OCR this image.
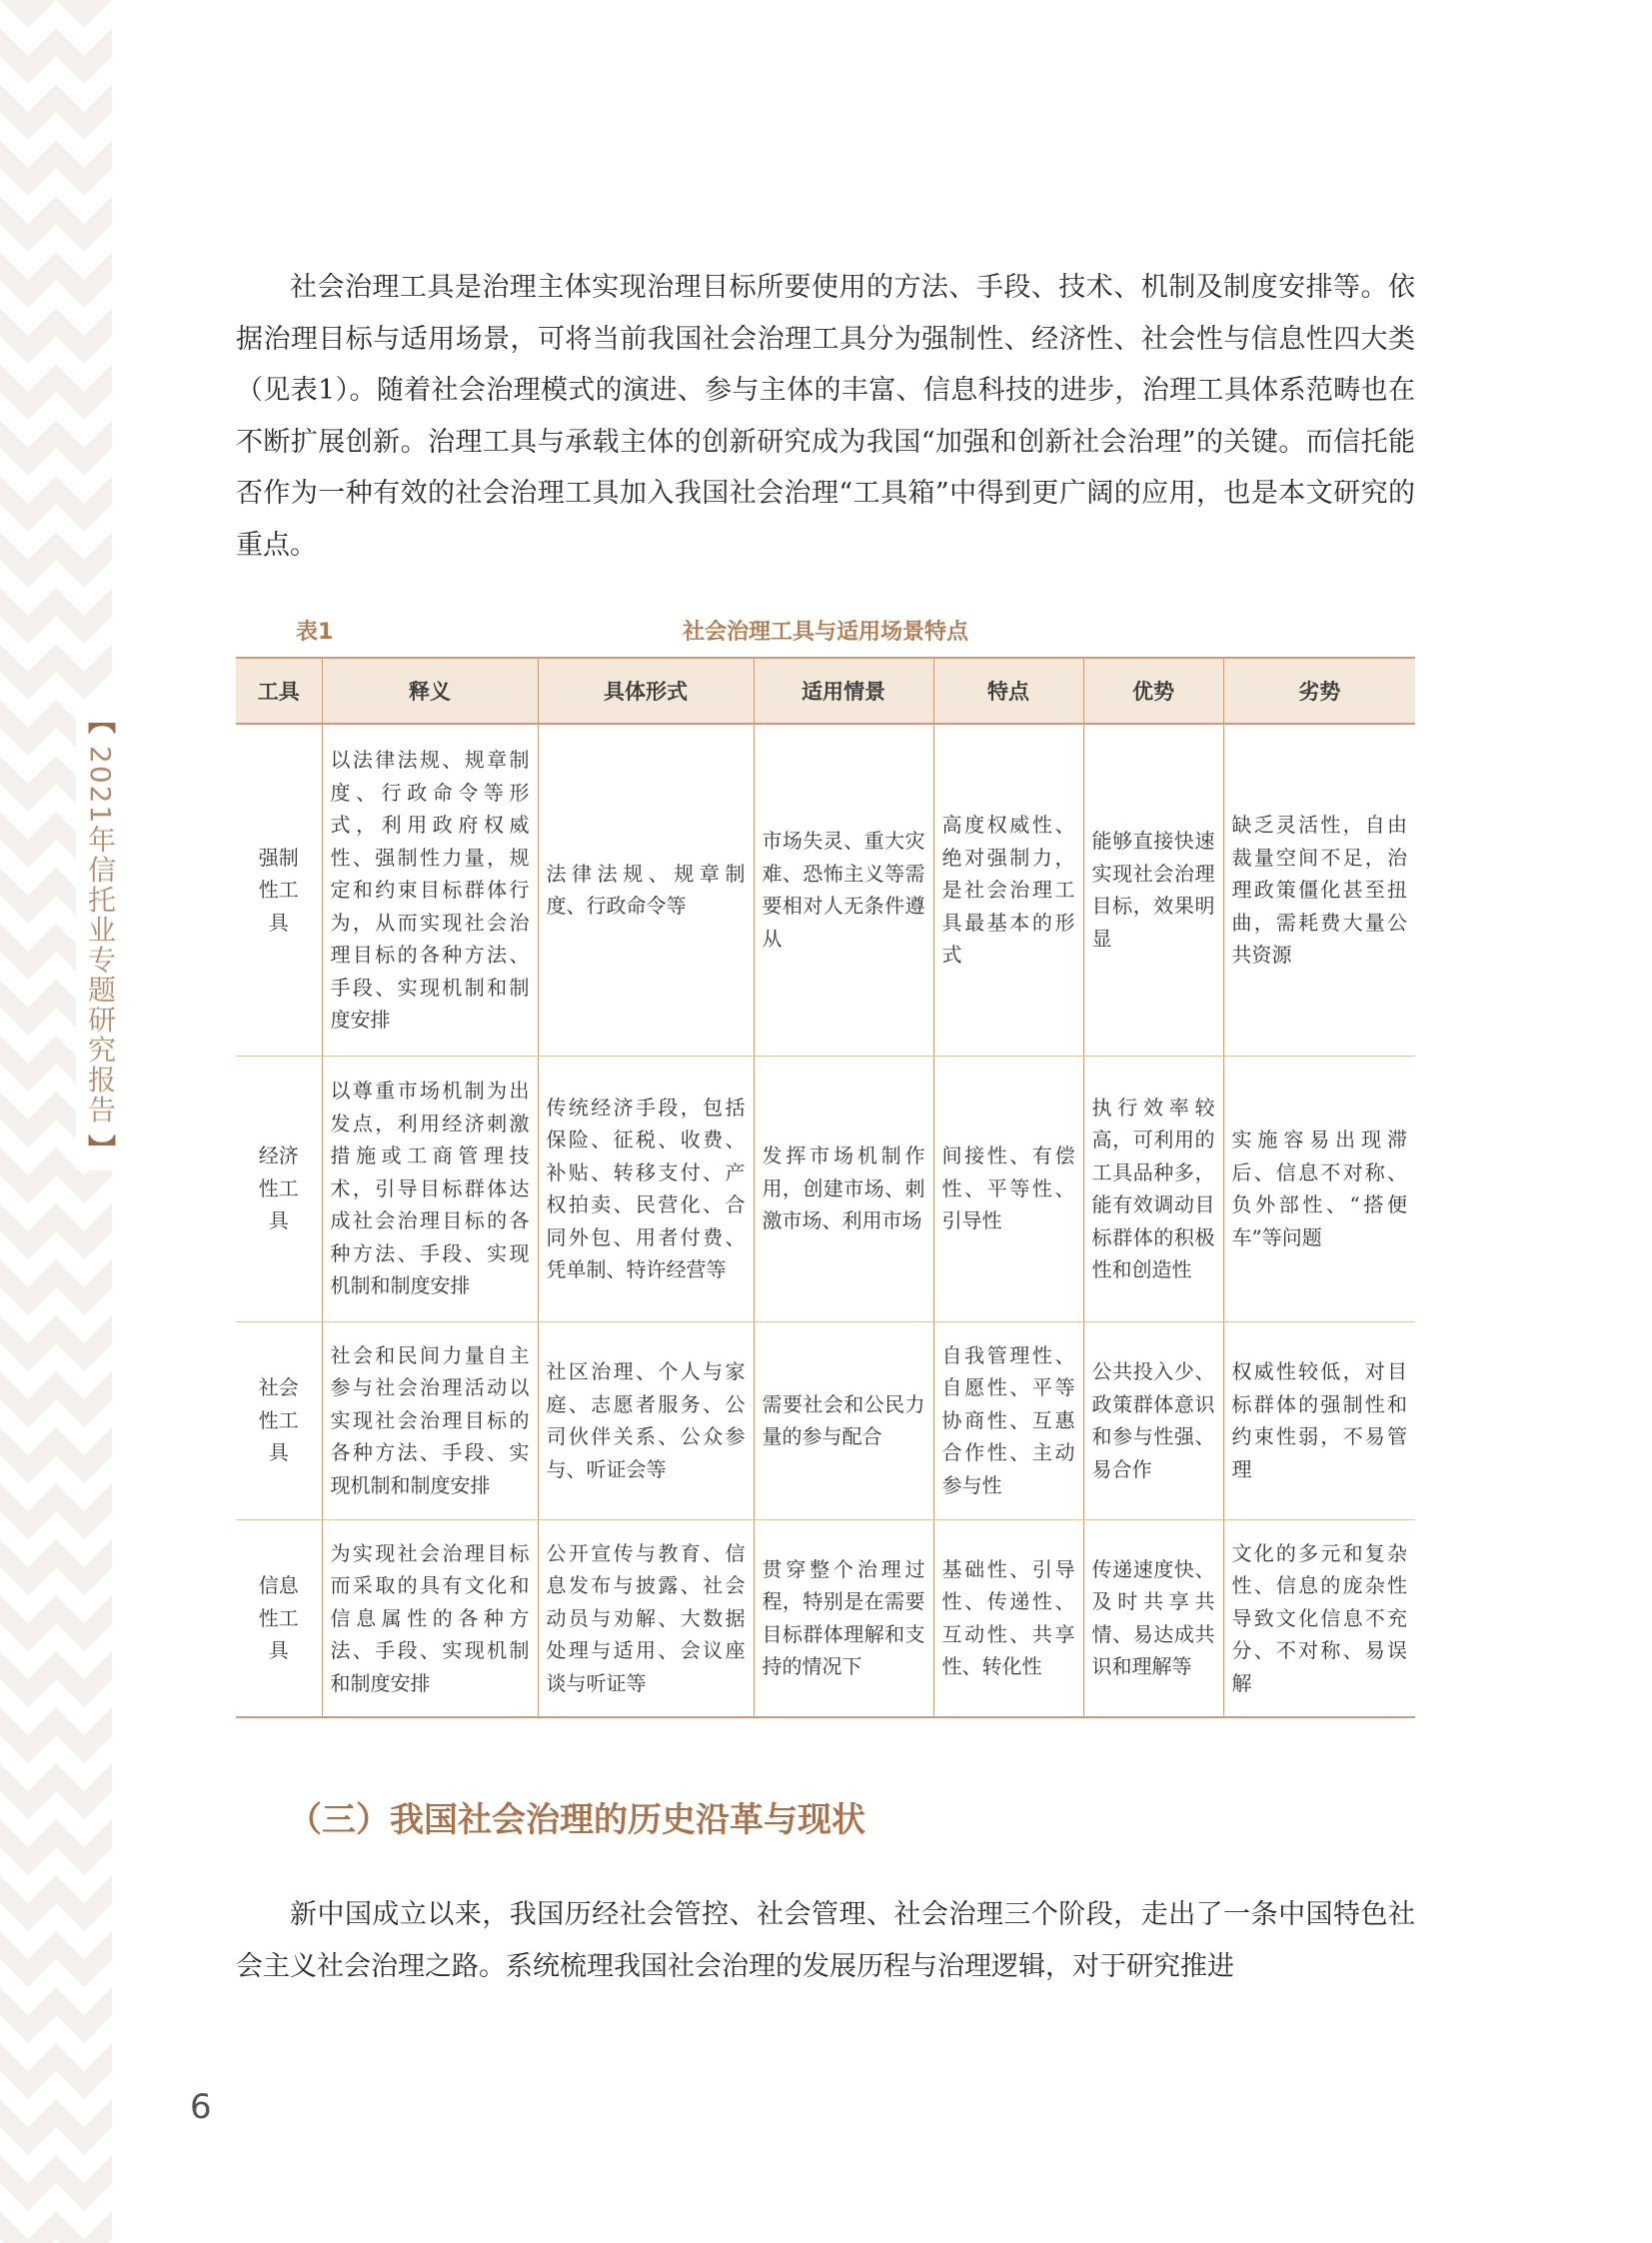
【
2021年信托业专题研究报告
】

社会治理工具是治理主体实现治理目标所要使用的方法、手段、技术、机制及制度安排等。依据治理目标与适用场景，可将当前我国社会治理工具分为强制性、经济性、社会性与信息性四大类（见表1）。随着社会治理模式的演进、参与主体的丰富、信息科技的进步，治理工具体系范畴也在不断扩展创新。治理工具与承载主体的创新研究成为我国“加强和创新社会治理”的关键。而信托能否作为一种有效的社会治理工具加入我国社会治理“工具箱”中得到更广阔的应用，也是本文研究的重点。

表1	社会治理工具与适用场景特点
工具	释义	具体形式	适用情景	特点	优势	劣势
强制性工具	以法律法规、规章制度、行政命令等形式，利用政府权威性、强制性力量，规定和约束目标群体行为，从而实现社会治理目标的各种方法、手段、实现机制和制度安排	法律法规、规章制度、行政命令等	市场失灵、重大灾难、恐怖主义等需要相对人无条件遵从	高度权威性、绝对强制力，是社会治理工具最基本的形式	能够直接快速实现社会治理目标，效果明显	缺乏灵活性，自由裁量空间不足，治理政策僵化甚至扭曲，需耗费大量公共资源
经济性工具	以尊重市场机制为出发点，利用经济刺激措施或工商管理技术，引导目标群体达成社会治理目标的各种方法、手段、实现机制和制度安排	传统经济手段，包括保险、征税、收费、补贴、转移支付、产权拍卖、民营化、合同外包、用者付费、凭单制、特许经营等	发挥市场机制作用，创建市场、刺激市场、利用市场	间接性、有偿性、平等性、引导性	执行效率较高，可利用的工具品种多，能有效调动目标群体的积极性和创造性	实施容易出现滞后、信息不对称、负外部性、“搭便车”等问题
社会性工具	社会和民间力量自主参与社会治理活动以实现社会治理目标的各种方法、手段、实现机制和制度安排	社区治理、个人与家庭、志愿者服务、公司伙伴关系、公众参与、听证会等	需要社会和公民力量的参与配合	自我管理性、自愿性、平等协商性、互惠合作性、主动参与性	公共投入少、政策群体意识和参与性强、易合作	权威性较低，对目标群体的强制性和约束性弱，不易管理
信息性工具	为实现社会治理目标而采取的具有文化和信息属性的各种方法、手段、实现机制和制度安排	公开宣传与教育、信息发布与披露、社会动员与劝解、大数据处理与适用、会议座谈与听证等	贯穿整个治理过程，特别是在需要目标群体理解和支持的情况下	基础性、引导性、传递性、互动性、共享性、转化性	传递速度快、及时共享共情、易达成共识和理解等	文化的多元和复杂性、信息的庞杂性导致文化信息不充分、不对称、易误解
（三）我国社会治理的历史沿革与现状

新中国成立以来，我国历经社会管控、社会管理、社会治理三个阶段，走出了一条中国特色社会主义社会治理之路。系统梳理我国社会治理的发展历程与治理逻辑，对于研究推进

6
